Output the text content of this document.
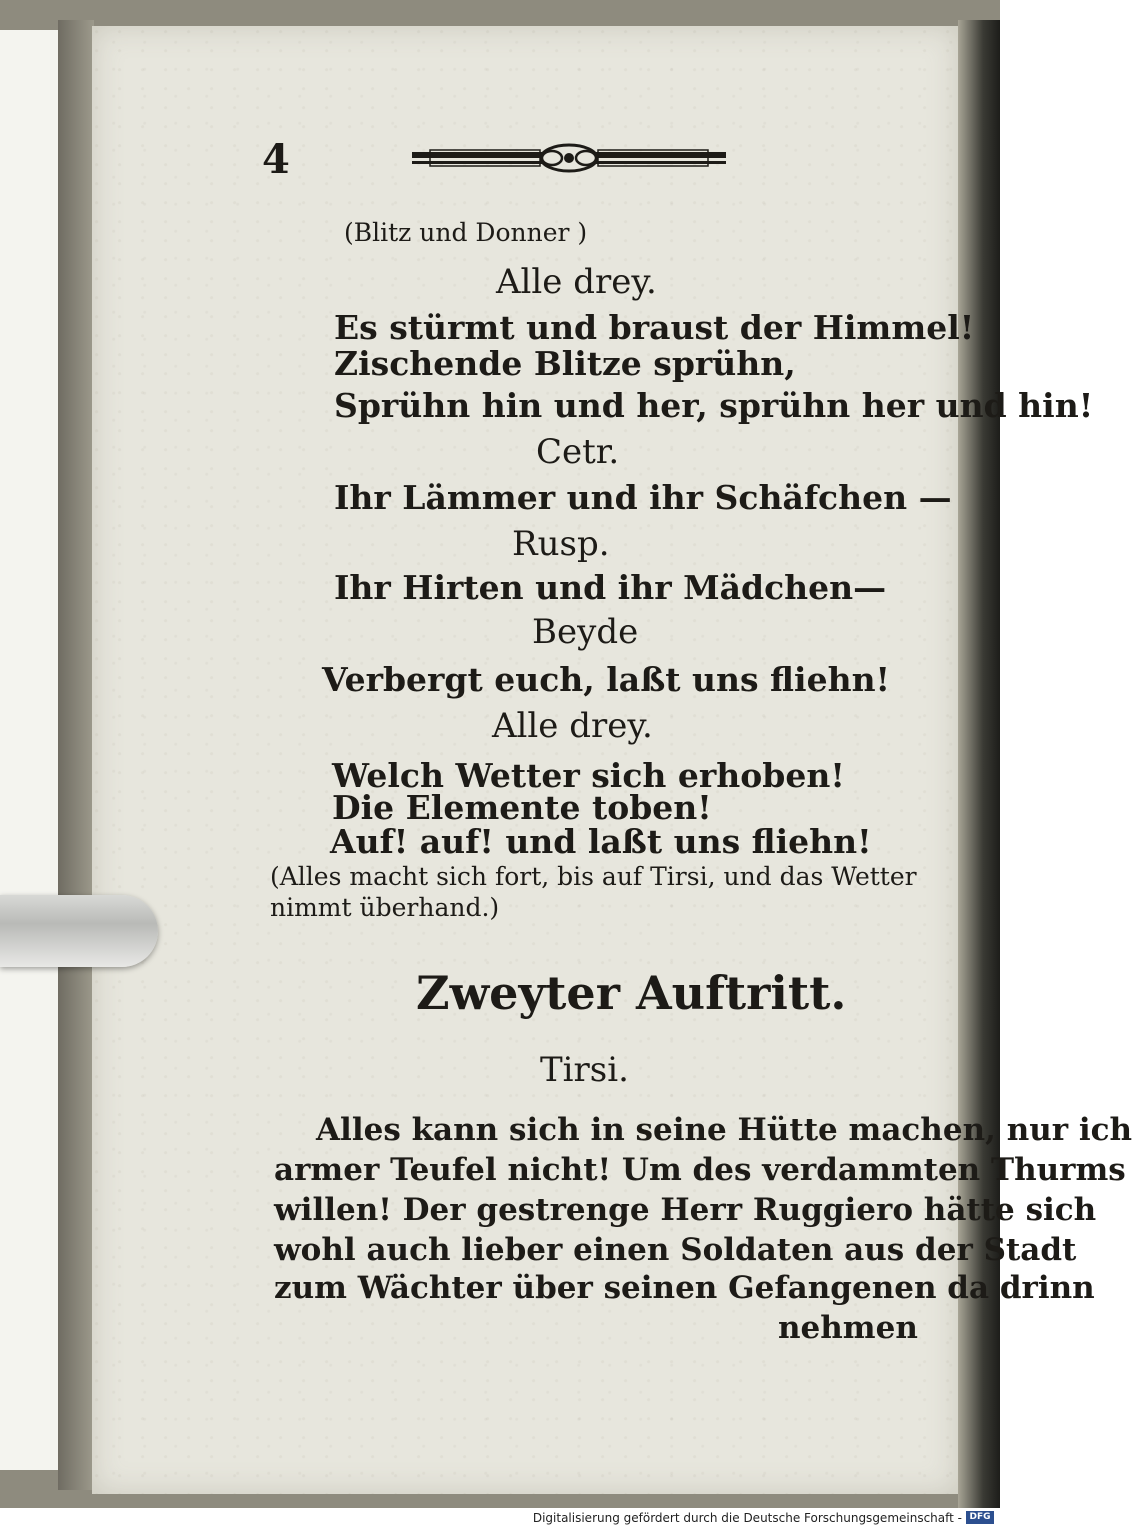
4
(Blitz und Donner )
Alle drey.
Es stürmt und braust der Himmel!
Zischende Blitze sprühn,
Sprühn hin und her, sprühn her und hin!
Cetr.
Ihr Lämmer und ihr Schäfchen —
Rusp.
Ihr Hirten und ihr Mädchen—
Beyde
Verbergt euch, laßt uns fliehn!
Alle drey.
Welch Wetter sich erhoben!
Die Elemente toben!
Auf! auf! und laßt uns fliehn!
(Alles macht sich fort, bis auf Tirsi, und das Wetter
nimmt überhand.)
Zweyter Auftritt.
Tirsi.
Alles kann sich in seine Hütte machen, nur ich
armer Teufel nicht! Um des verdammten Thurms
willen! Der gestrenge Herr Ruggiero hätte sich
wohl auch lieber einen Soldaten aus der Stadt
zum Wächter über seinen Gefangenen da drinn
nehmen
Digitalisierung gefördert durch die Deutsche Forschungsgemeinschaft - DFG
